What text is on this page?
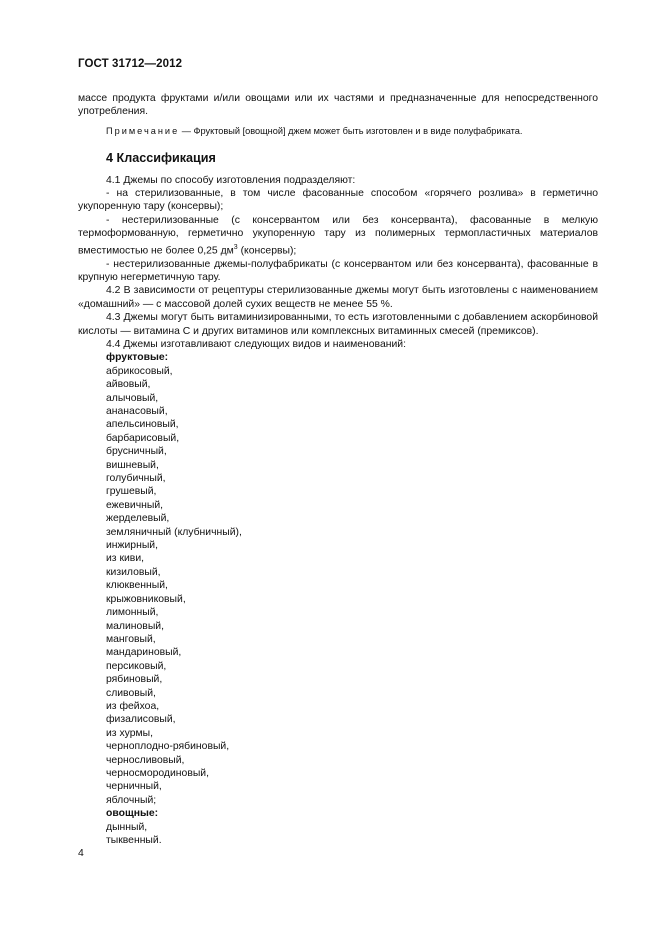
ГОСТ 31712—2012

массе продукта фруктами и/или овощами или их частями и предназначенные для непосредственного употребления.

Примечание — Фруктовый [овощной] джем может быть изготовлен и в виде полуфабриката.

4 Классификация

4.1 Джемы по способу изготовления подразделяют:

- на стерилизованные, в том числе фасованные способом «горячего розлива» в герметично укупоренную тару (консервы);

- нестерилизованные (с консервантом или без консерванта), фасованные в мелкую термоформованную, герметично укупоренную тару из полимерных термопластичных материалов вместимостью не более 0,25 $дм^3$ (консервы);

- нестерилизованные джемы-полуфабрикаты (с консервантом или без консерванта), фасованные в крупную негерметичную тару.

4.2 В зависимости от рецептуры стерилизованные джемы могут быть изготовлены с наименованием «домашний» — с массовой долей сухих веществ не менее 55 %.

4.3 Джемы могут быть витаминизированными, то есть изготовленными с добавлением аскорбиновой кислоты — витамина С и других витаминов или комплексных витаминных смесей (премиксов).

4.4 Джемы изготавливают следующих видов и наименований:

фруктовые:
абрикосовый,
айвовый,
алычовый,
ананасовый,
апельсиновый,
барбарисовый,
брусничный,
вишневый,
голубичный,
грушевый,
ежевичный,
жерделевый,
земляничный (клубничный),
инжирный,
из киви,
кизиловый,
клюквенный,
крыжовниковый,
лимонный,
малиновый,
манговый,
мандариновый,
персиковый,
рябиновый,
сливовый,
из фейхоа,
физалисовый,
из хурмы,
черноплодно-рябиновый,
черносливовый,
черносмородиновый,
черничный,
яблочный;
овощные:
дынный,
тыквенный.
4
